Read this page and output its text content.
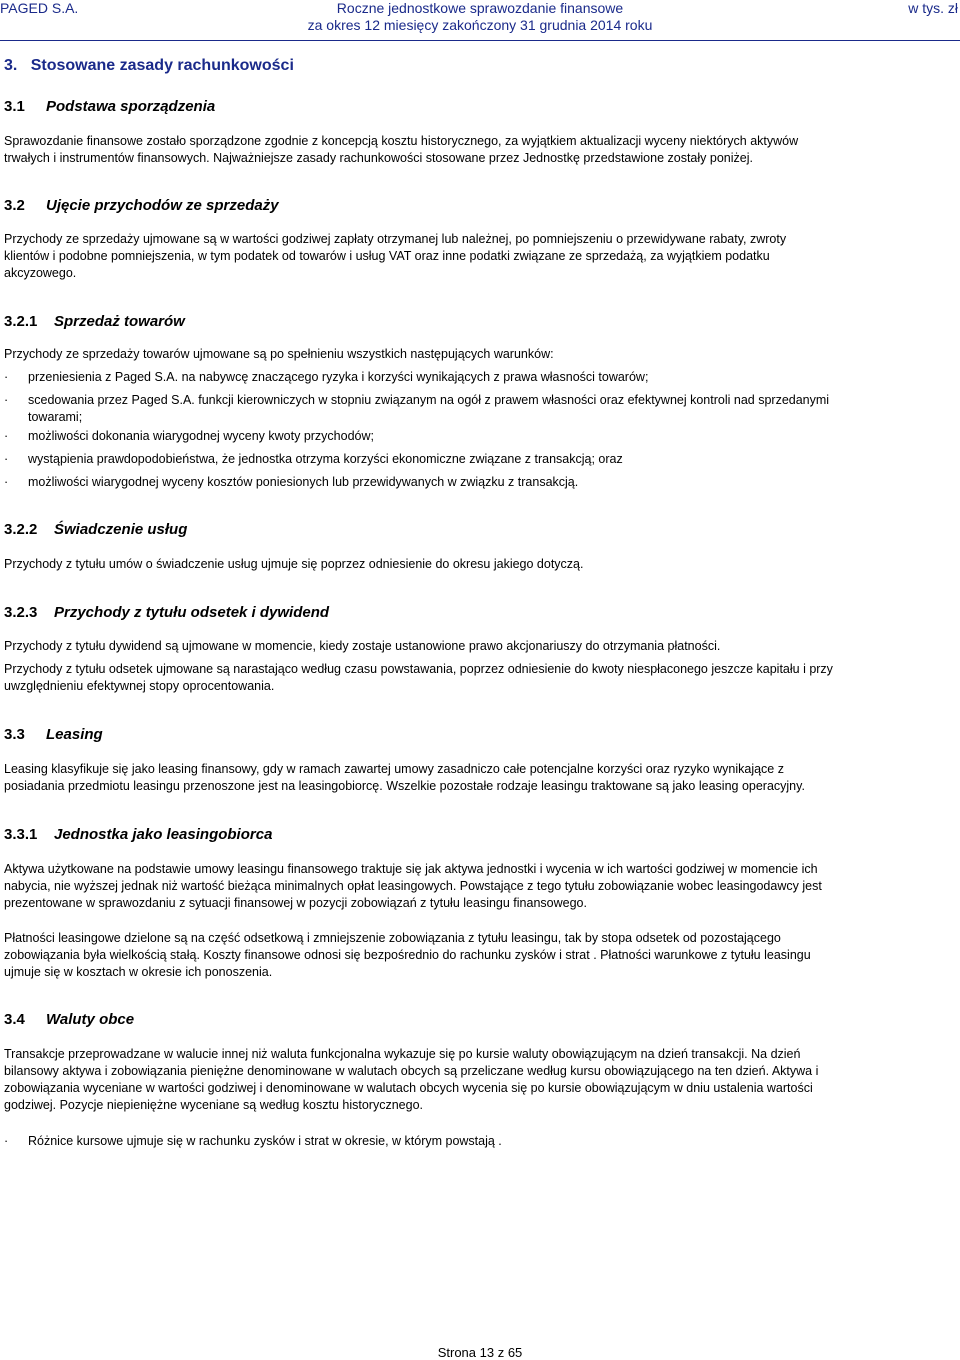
PAGED S.A.	Roczne jednostkowe sprawozdanie finansowe
za okres 12 miesięcy zakończony 31 grudnia 2014 roku
w tys. zł
3. Stosowane zasady rachunkowości
3.1 Podstawa sporządzenia

Sprawozdanie finansowe zostało sporządzone zgodnie z koncepcją kosztu historycznego, za wyjątkiem aktualizacji wyceny niektórych aktywów trwałych i instrumentów finansowych. Najważniejsze zasady rachunkowości stosowane przez Jednostkę przedstawione zostały poniżej.

3.2 Ujęcie przychodów ze sprzedaży

Przychody ze sprzedaży ujmowane są w wartości godziwej zapłaty otrzymanej lub należnej, po pomniejszeniu o przewidywane rabaty, zwroty klientów i podobne pomniejszenia, w tym podatek od towarów i usług VAT oraz inne podatki związane ze sprzedażą, za wyjątkiem podatku akcyzowego.

3.2.1 Sprzedaż towarów

Przychody ze sprzedaży towarów ujmowane są po spełnieniu wszystkich następujących warunków:

· przeniesienia z Paged S.A. na nabywcę znaczącego ryzyka i korzyści wynikających z prawa własności towarów;
·	scedowania przez Paged S.A. funkcji kierowniczych w stopniu związanym na ogół z prawem własności oraz efektywnej kontroli nad sprzedanymi towarami;
· możliwości dokonania wiarygodnej wyceny kwoty przychodów;
· wystąpienia prawdopodobieństwa, że jednostka otrzyma korzyści ekonomiczne związane z transakcją; oraz
· możliwości wiarygodnej wyceny kosztów poniesionych lub przewidywanych w związku z transakcją.
3.2.2 Świadczenie usług

Przychody z tytułu umów o świadczenie usług ujmuje się poprzez odniesienie do okresu jakiego dotyczą.

3.2.3 Przychody z tytułu odsetek i dywidend

Przychody z tytułu dywidend są ujmowane w momencie, kiedy zostaje ustanowione prawo akcjonariuszy do otrzymania płatności.

Przychody z tytułu odsetek ujmowane są narastająco według czasu powstawania, poprzez odniesienie do kwoty niespłaconego jeszcze kapitału i przy uwzględnieniu efektywnej stopy oprocentowania.

3.3 Leasing

Leasing klasyfikuje się jako leasing finansowy, gdy w ramach zawartej umowy zasadniczo całe potencjalne korzyści oraz ryzyko wynikające z posiadania przedmiotu leasingu przenoszone jest na leasingobiorcę. Wszelkie pozostałe rodzaje leasingu traktowane są jako leasing operacyjny.

3.3.1 Jednostka jako leasingobiorca

Aktywa użytkowane na podstawie umowy leasingu finansowego traktuje się jak aktywa jednostki i wycenia w ich wartości godziwej w momencie ich nabycia, nie wyższej jednak niż wartość bieżąca minimalnych opłat leasingowych. Powstające z tego tytułu zobowiązanie wobec leasingodawcy jest prezentowane w sprawozdaniu z sytuacji finansowej w pozycji zobowiązań z tytułu leasingu finansowego.

Płatności leasingowe dzielone są na część odsetkową i zmniejszenie zobowiązania z tytułu leasingu, tak by stopa odsetek od pozostającego zobowiązania była wielkością stałą. Koszty finansowe odnosi się bezpośrednio do rachunku zysków i strat . Płatności warunkowe z tytułu leasingu ujmuje się w kosztach w okresie ich ponoszenia.

3.4 Waluty obce

Transakcje przeprowadzane w walucie innej niż waluta funkcjonalna wykazuje się po kursie waluty obowiązującym na dzień transakcji. Na dzień bilansowy aktywa i zobowiązania pieniężne denominowane w walutach obcych są przeliczane według kursu obowiązującego na ten dzień. Aktywa i zobowiązania wyceniane w wartości godziwej i denominowane w walutach obcych wycenia się po kursie obowiązującym w dniu ustalenia wartości godziwej. Pozycje niepieniężne wyceniane są według kosztu historycznego.

· Różnice kursowe ujmuje się w rachunku zysków i strat w okresie, w którym powstają .
Strona 13 z 65
